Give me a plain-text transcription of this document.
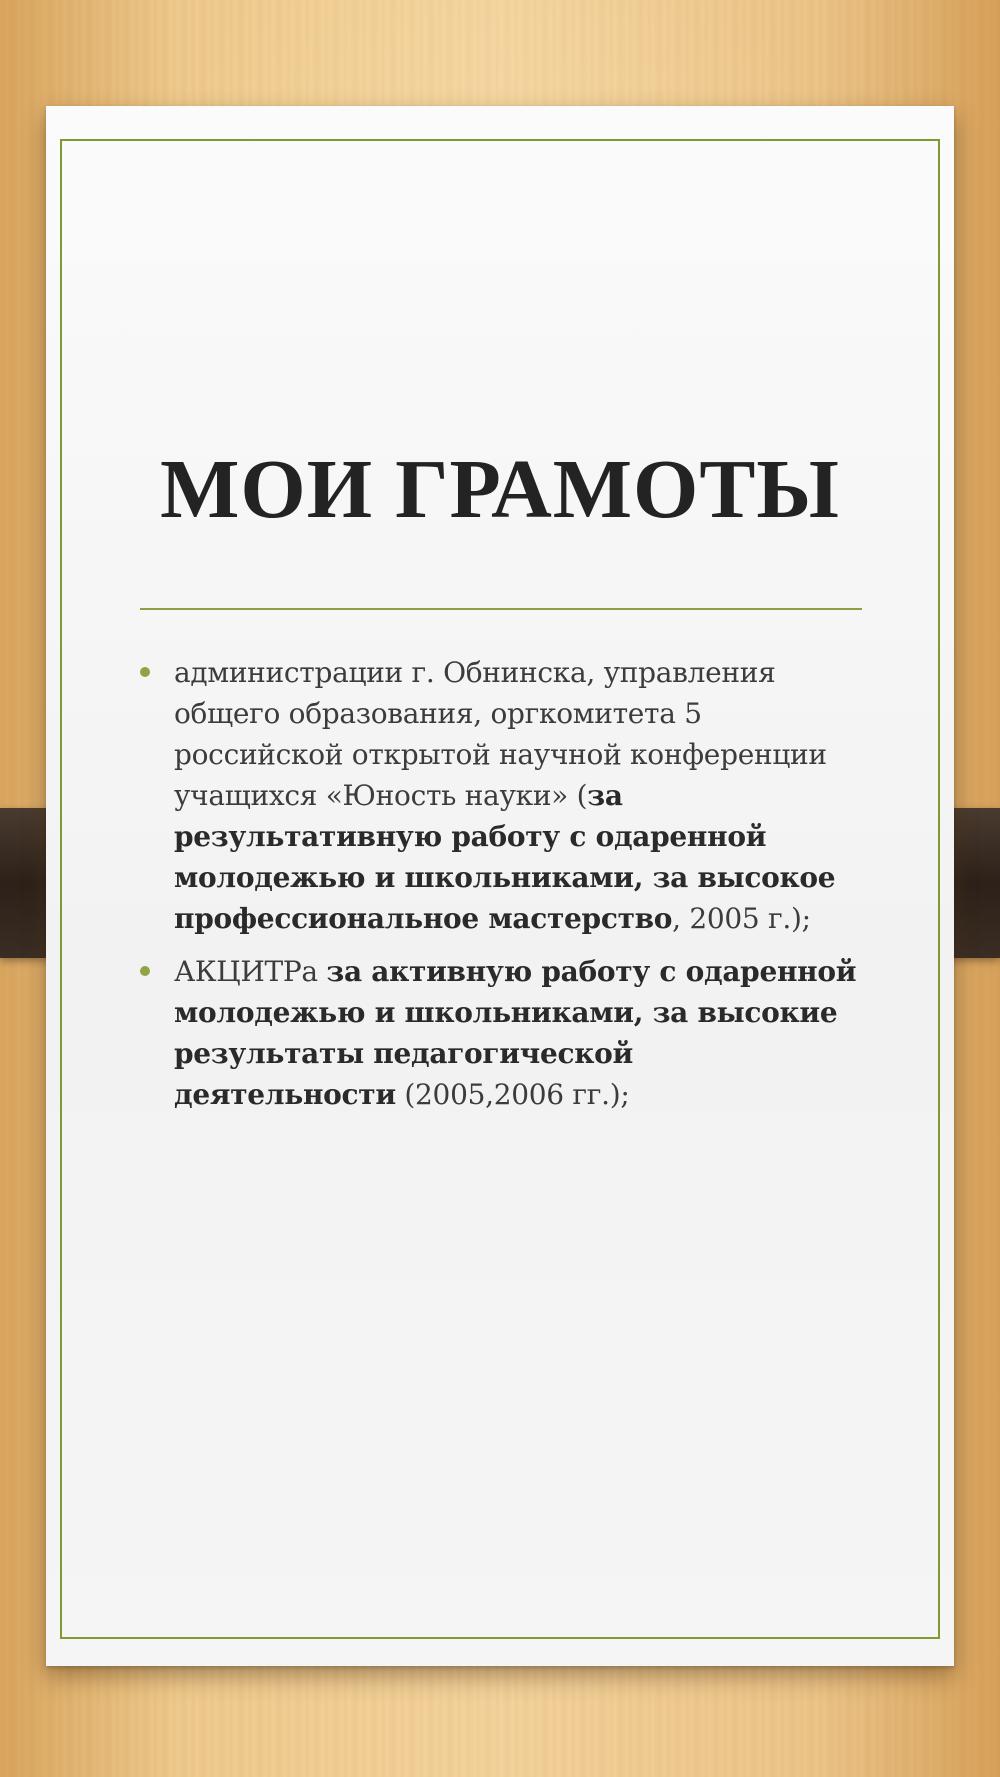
МОИ ГРАМОТЫ
администрации г. Обнинска, управления общего образования, оргкомитета 5 российской открытой научной конференции учащихся «Юность науки» (за результативную работу с одаренной молодежью и школьниками, за высокое профессиональное мастерство, 2005 г.);
АКЦИТРа за активную работу с одаренной молодежью и школьниками, за высокие результаты педагогической деятельности (2005,2006 гг.);
